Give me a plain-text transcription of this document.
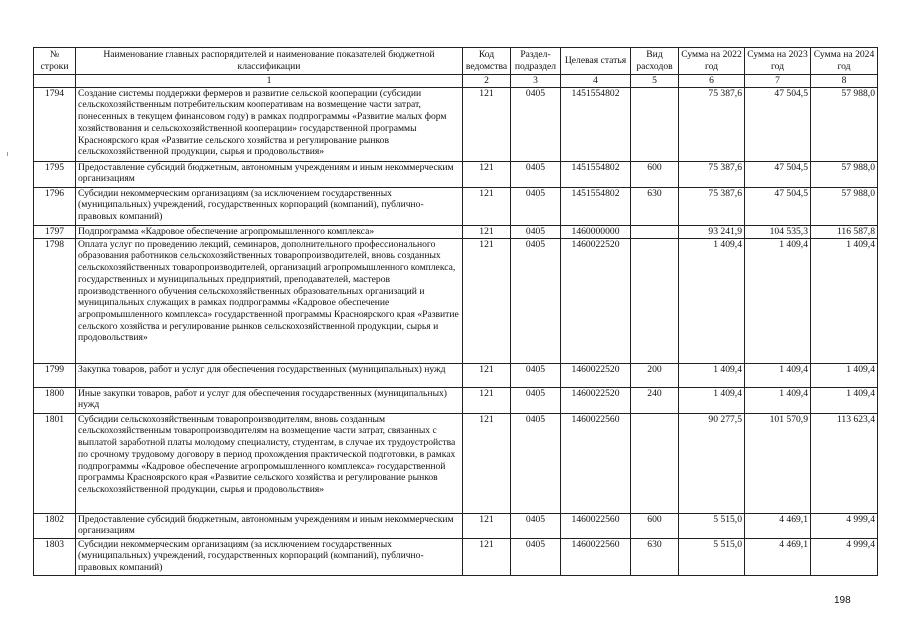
№ строки	Наименование главных распорядителей и наименование показателей бюджетной классификации	Код ведомства	Раздел-подраздел	Целевая статья	Вид расходов	Сумма на 2022 год	Сумма на 2023 год	Сумма на 2024 год
	1	2	3	4	5	6	7	8
1794	Создание системы поддержки фермеров и развитие сельской кооперации (субсидии сельскохозяйственным потребительским кооперативам на возмещение части затрат, понесенных в текущем финансовом году) в рамках подпрограммы «Развитие малых форм хозяйствования и сельскохозяйственной кооперации» государственной программы Красноярского края «Развитие сельского хозяйства и регулирование рынков сельскохозяйственной продукции, сырья и продовольствия»	121	0405	1451554802		75 387,6	47 504,5	57 988,0
1795	Предоставление субсидий бюджетным, автономным учреждениям и иным некоммерческим организациям	121	0405	1451554802	600	75 387,6	47 504,5	57 988,0
1796	Субсидии некоммерческим организациям (за исключением государственных (муниципальных) учреждений, государственных корпораций (компаний), публично-правовых компаний)	121	0405	1451554802	630	75 387,6	47 504,5	57 988,0
1797	Подпрограмма «Кадровое обеспечение агропромышленного комплекса»	121	0405	1460000000		93 241,9	104 535,3	116 587,8
1798	Оплата услуг по проведению лекций, семинаров, дополнительного профессионального образования работников сельскохозяйственных товаропроизводителей, вновь созданных сельскохозяйственных товаропроизводителей, организаций агропромышленного комплекса, государственных и муниципальных предприятий, преподавателей, мастеров производственного обучения сельскохозяйственных образовательных организаций и муниципальных служащих в рамках подпрограммы «Кадровое обеспечение агропромышленного комплекса» государственной программы Красноярского края «Развитие сельского хозяйства и регулирование рынков сельскохозяйственной продукции, сырья и продовольствия»	121	0405	1460022520		1 409,4	1 409,4	1 409,4
1799	Закупка товаров, работ и услуг для обеспечения государственных (муниципальных) нужд	121	0405	1460022520	200	1 409,4	1 409,4	1 409,4
1800	Иные закупки товаров, работ и услуг для обеспечения государственных (муниципальных) нужд	121	0405	1460022520	240	1 409,4	1 409,4	1 409,4
1801	Субсидии сельскохозяйственным товаропроизводителям, вновь созданным сельскохозяйственным товаропроизводителям на возмещение части затрат, связанных с выплатой заработной платы молодому специалисту, студентам, в случае их трудоустройства по срочному трудовому договору в период прохождения практической подготовки, в рамках подпрограммы «Кадровое обеспечение агропромышленного комплекса» государственной программы Красноярского края «Развитие сельского хозяйства и регулирование рынков сельскохозяйственной продукции, сырья и продовольствия»	121	0405	1460022560		90 277,5	101 570,9	113 623,4
1802	Предоставление субсидий бюджетным, автономным учреждениям и иным некоммерческим организациям	121	0405	1460022560	600	5 515,0	4 469,1	4 999,4
1803	Субсидии некоммерческим организациям (за исключением государственных (муниципальных) учреждений, государственных корпораций (компаний), публично-правовых компаний)	121	0405	1460022560	630	5 515,0	4 469,1	4 999,4
198
